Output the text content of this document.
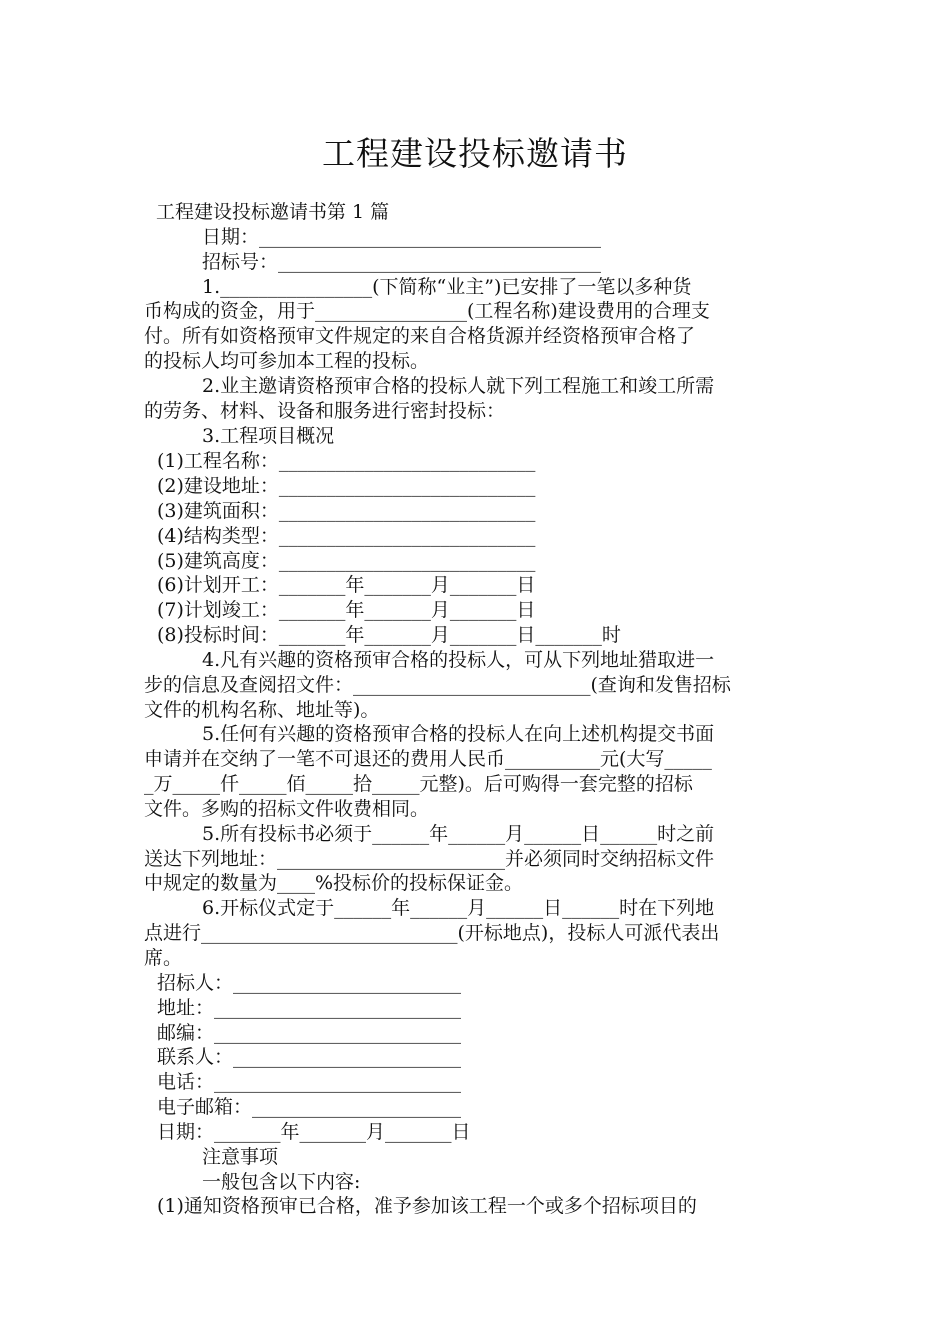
工程建设投标邀请书
工程建设投标邀请书第 1 篇
日期：____________________________________
招标号：__________________________________
1.________________(下简称“业主”)已安排了一笔以多种货
币构成的资金，用于________________(工程名称)建设费用的合理支
付。所有如资格预审文件规定的来自合格货源并经资格预审合格了
的投标人均可参加本工程的投标。
2.业主邀请资格预审合格的投标人就下列工程施工和竣工所需
的劳务、材料、设备和服务进行密封投标：
3.工程项目概况
(1)工程名称：___________________________
(2)建设地址：___________________________
(3)建筑面积：___________________________
(4)结构类型：___________________________
(5)建筑高度：___________________________
(6)计划开工：_______年_______月_______日
(7)计划竣工：_______年_______月_______日
(8)投标时间：_______年_______月_______日_______时
4.凡有兴趣的资格预审合格的投标人，可从下列地址猎取进一
步的信息及查阅招文件：_________________________(查询和发售招标
文件的机构名称、地址等)。
5.任何有兴趣的资格预审合格的投标人在向上述机构提交书面
申请并在交纳了一笔不可退还的费用人民币__________元(大写_____
_万_____仟_____佰_____拾_____元整)。后可购得一套完整的招标
文件。多购的招标文件收费相同。
5.所有投标书必须于______年______月______日______时之前
送达下列地址：________________________并必须同时交纳招标文件
中规定的数量为____%投标价的投标保证金。
6.开标仪式定于______年______月______日______时在下列地
点进行___________________________(开标地点)，投标人可派代表出
席。
招标人：________________________
地址：__________________________
邮编：__________________________
联系人：________________________
电话：__________________________
电子邮箱：______________________
日期：_______年_______月_______日
注意事项
一般包含以下内容:
(1)通知资格预审已合格，准予参加该工程一个或多个招标项目的
